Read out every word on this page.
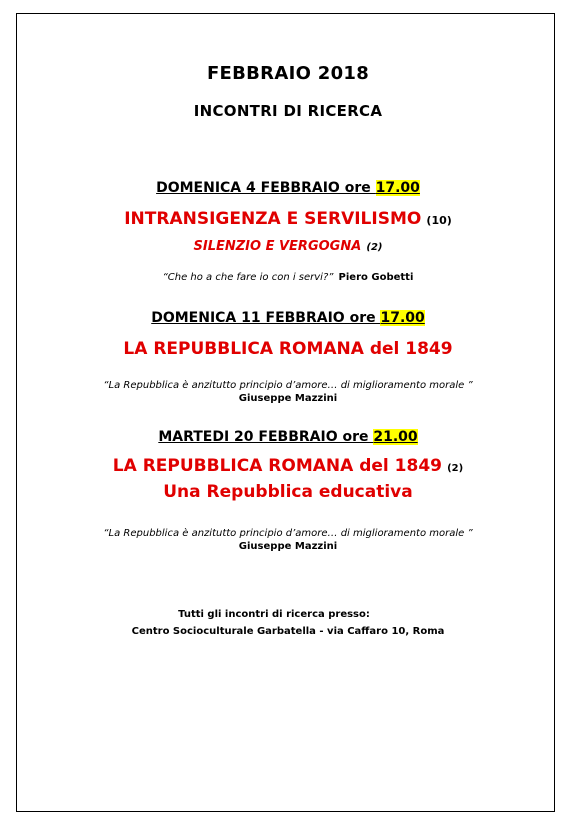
FEBBRAIO 2018
INCONTRI DI RICERCA
DOMENICA 4 FEBBRAIO ore 17.00
INTRANSIGENZA E SERVILISMO (10)
SILENZIO E VERGOGNA (2)
“Che ho a che fare io con i servi?” Piero Gobetti
DOMENICA 11 FEBBRAIO ore 17.00
LA REPUBBLICA ROMANA del 1849
“La Repubblica è anzitutto principio d’amore… di miglioramento morale ”
Giuseppe Mazzini
MARTEDI 20 FEBBRAIO ore 21.00
LA REPUBBLICA ROMANA del 1849 (2)
Una Repubblica educativa
“La Repubblica è anzitutto principio d’amore… di miglioramento morale ”
Giuseppe Mazzini
Tutti gli incontri di ricerca presso:
Centro Socioculturale Garbatella - via Caffaro 10, Roma
